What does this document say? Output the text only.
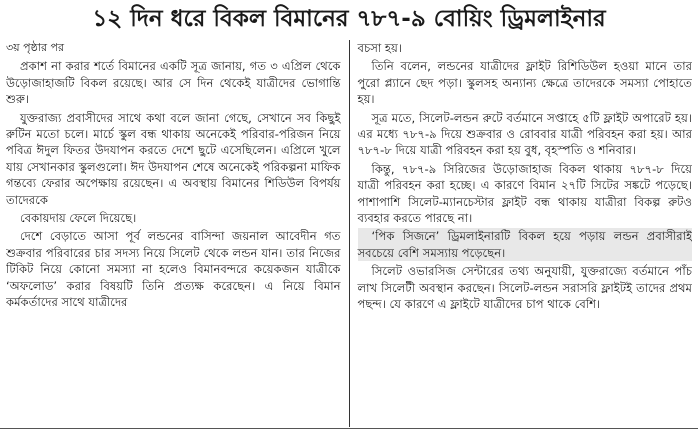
১২ দিন ধরে বিকল বিমানের ৭৮৭-৯ বোয়িং ড্রিমলাইনার

৩য় পৃষ্ঠার পর

প্রকাশ না করার শর্তে বিমানের একটি সূত্র জানায়, গত ৩ এপ্রিল থেকে উড়োজাহাজটি বিকল রয়েছে। আর সে দিন থেকেই যাত্রীদের ভোগান্তি শুরু।

যুক্তরাজ্য প্রবাসীদের সাথে কথা বলে জানা গেছে, সেখানে সব কিছুই রুটিন মতো চলে। মার্চে স্কুল বন্ধ থাকায় অনেকেই পরিবার-পরিজন নিয়ে পবিত্র ঈদুল ফিতর উদযাপন করতে দেশে ছুটে এসেছিলেন। এপ্রিলে খুলে যায় সেখানকার স্কুলগুলো। ঈদ উদযাপন শেষে অনেকেই পরিকল্পনা মাফিক গন্তব্যে ফেরার অপেক্ষায় রয়েছেন। এ অবস্থায় বিমানের শিডিউল বিপর্যয় তাদেরকে

বেকায়দায় ফেলে দিয়েছে।

দেশে বেড়াতে আসা পূর্ব লন্ডনের বাসিন্দা জয়নাল আবেদীন গত শুক্রবার পরিবারের চার সদস্য নিয়ে সিলেট থেকে লন্ডন যান। তার নিজের টিকিট নিয়ে কোনো সমস্যা না হলেও বিমানবন্দরে কয়েকজন যাত্রীকে ‘অফলোড’ করার বিষয়টি তিনি প্রত্যক্ষ করেছেন। এ নিয়ে বিমান কর্মকর্তাদের সাথে যাত্রীদের

বচসা হয়।

তিনি বলেন, লন্ডনের যাত্রীদের ফ্লাইট রিশিডিউল হওয়া মানে তার পুরো প্ল্যানে ছেদ পড়া। স্কুলসহ অন্যান্য ক্ষেত্রে তাদেরকে সমস্যা পোহাতে হয়।

সূত্র মতে, সিলেট-লন্ডন রুটে বর্তমানে সপ্তাহে ৫টি ফ্লাইট অপারেট হয়। এর মধ্যে ৭৮৭-৯ দিয়ে শুক্রবার ও রোববার যাত্রী পরিবহন করা হয়। আর ৭৮৭-৮ দিয়ে যাত্রী পরিবহন করা হয় বুধ, বৃহস্পতি ও শনিবার।

কিন্তু, ৭৮৭-৯ সিরিজের উড়োজাহাজ বিকল থাকায় ৭৮৭-৮ দিয়ে যাত্রী পরিবহন করা হচ্ছে। এ কারণে বিমান ২৭টি সিটের সঙ্কটে পড়েছে। পাশাপাশি সিলেট-ম্যানচেস্টার ফ্লাইট বন্ধ থাকায় যাত্রীরা বিকল্প রুটও ব্যবহার করতে পারছে না।

‘পিক সিজনে’ ড্রিমলাইনারটি বিকল হয়ে পড়ায় লন্ডন প্রবাসীরাই সবচেয়ে বেশি সমস্যায় পড়েছেন।

সিলেট ওভারসিজ সেন্টারের তথ্য অনুযায়ী, যুক্তরাজ্যে বর্তমানে পাঁচ লাখ সিলেটী অবস্থান করছেন। সিলেট-লন্ডন সরাসরি ফ্লাইটই তাদের প্রথম পছন্দ। যে কারণে এ ফ্লাইটে যাত্রীদের চাপ থাকে বেশি।
